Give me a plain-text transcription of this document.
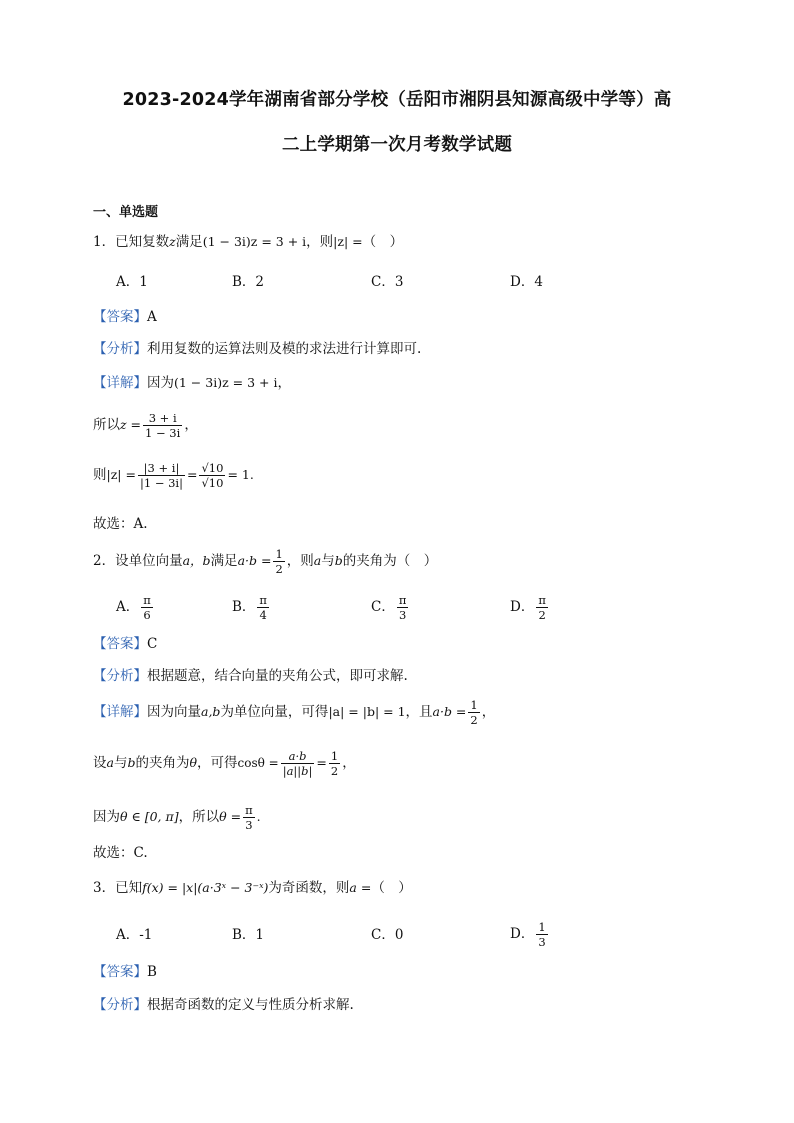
2023-2024学年湖南省部分学校（岳阳市湘阴县知源高级中学等）高
二上学期第一次月考数学试题
一、单选题
1．已知复数z满足(1 − 3i)z = 3 + i，则|z| =（　）
A．1	B．2	C．3	D．4
【答案】A
【分析】利用复数的运算法则及模的求法进行计算即可.
【详解】因为(1 − 3i)z = 3 + i，
所以$z = \frac{3 + i}{1 - 3i}$ ，
则$|z| = \frac{|3 + i|}{|1 - 3i|} = \frac{√10}{√10} = 1$.
故选：A.
2．设单位向量a，b满足$a\cdot b = \frac{1}{2}$ ，则a与b的夹角为（　）
A． $\frac{\pi}{6}$	B． $\frac{\pi}{4}$	C． $\frac{\pi}{3}$	D． $\frac{\pi}{2}$
【答案】C
【分析】根据题意，结合向量的夹角公式，即可求解.
【详解】因为向量a,b为单位向量，可得|a| = |b| = 1，且$a\cdot b = \frac{1}{2}$ ，
设a与b的夹角为θ，可得$\cos\theta = \frac{a\cdot b}{|a||b|} = \frac{1}{2}$ ，
因为θ ∈ [0, π]，所以$\theta = \frac{\pi}{3}$ .
故选：C.
3．已知f(x) = |x|(a·3ˣ − 3⁻ˣ)为奇函数，则a =（　）
A．-1	B．1	C．0	D． $\frac{1}{3}$
【答案】B
【分析】根据奇函数的定义与性质分析求解.
